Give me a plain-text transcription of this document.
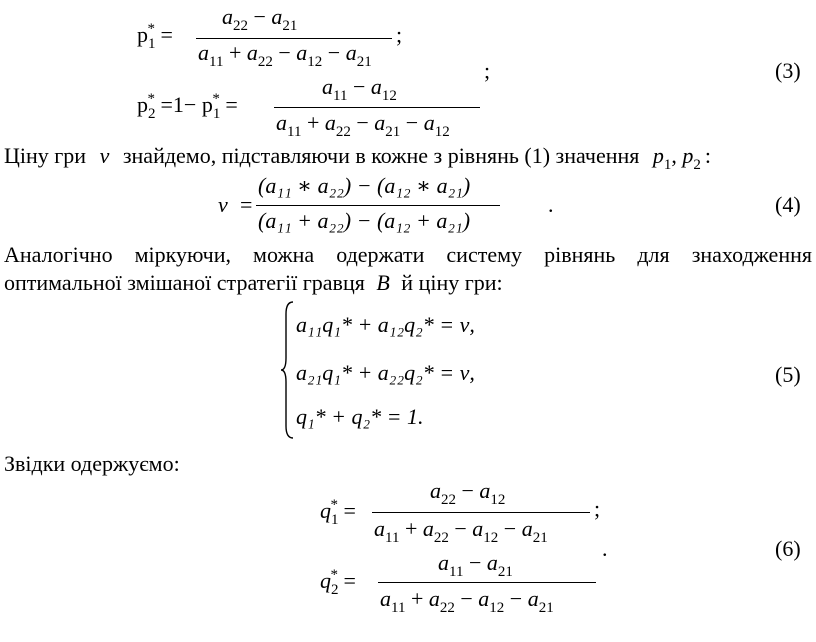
$p_1^*$ =
$a_{22} - a_{21}$
$a_{11} + a_{22} - a_{12} - a_{21}$
;
;	(3)
$p_2^* =1- p_1^*$ =
$a_{11} - a_{12}$
$a_{11} + a_{22} - a_{21} - a_{12}$
Ціну гри ν знайдемо, підставляючи в кожне з рівнянь (1) значення $p_1$, $p_2$ :
ν =
(a₁₁ ∗ a₂₂) − (a₁₂ ∗ a₂₁)
(a₁₁ + a₂₂) − (a₁₂ + a₂₁)
.	(4)
Аналогічно міркуючи, можна одержати систему рівнянь для знаходження
оптимальної змішаної стратегії гравця B й ціну гри:
a₁₁q₁* + a₁₂q₂* = ν,
a₂₁q₁* + a₂₂q₂* = ν,
q₁* + q₂* = 1.
(5)
Звідки одержуємо:
$q_1^*$ =
$a_{22} - a_{12}$
$a_{11} + a_{22} - a_{12} - a_{21}$
;
.	(6)
$q_2^*$ =
$a_{11} - a_{21}$
$a_{11} + a_{22} - a_{12} - a_{21}$
